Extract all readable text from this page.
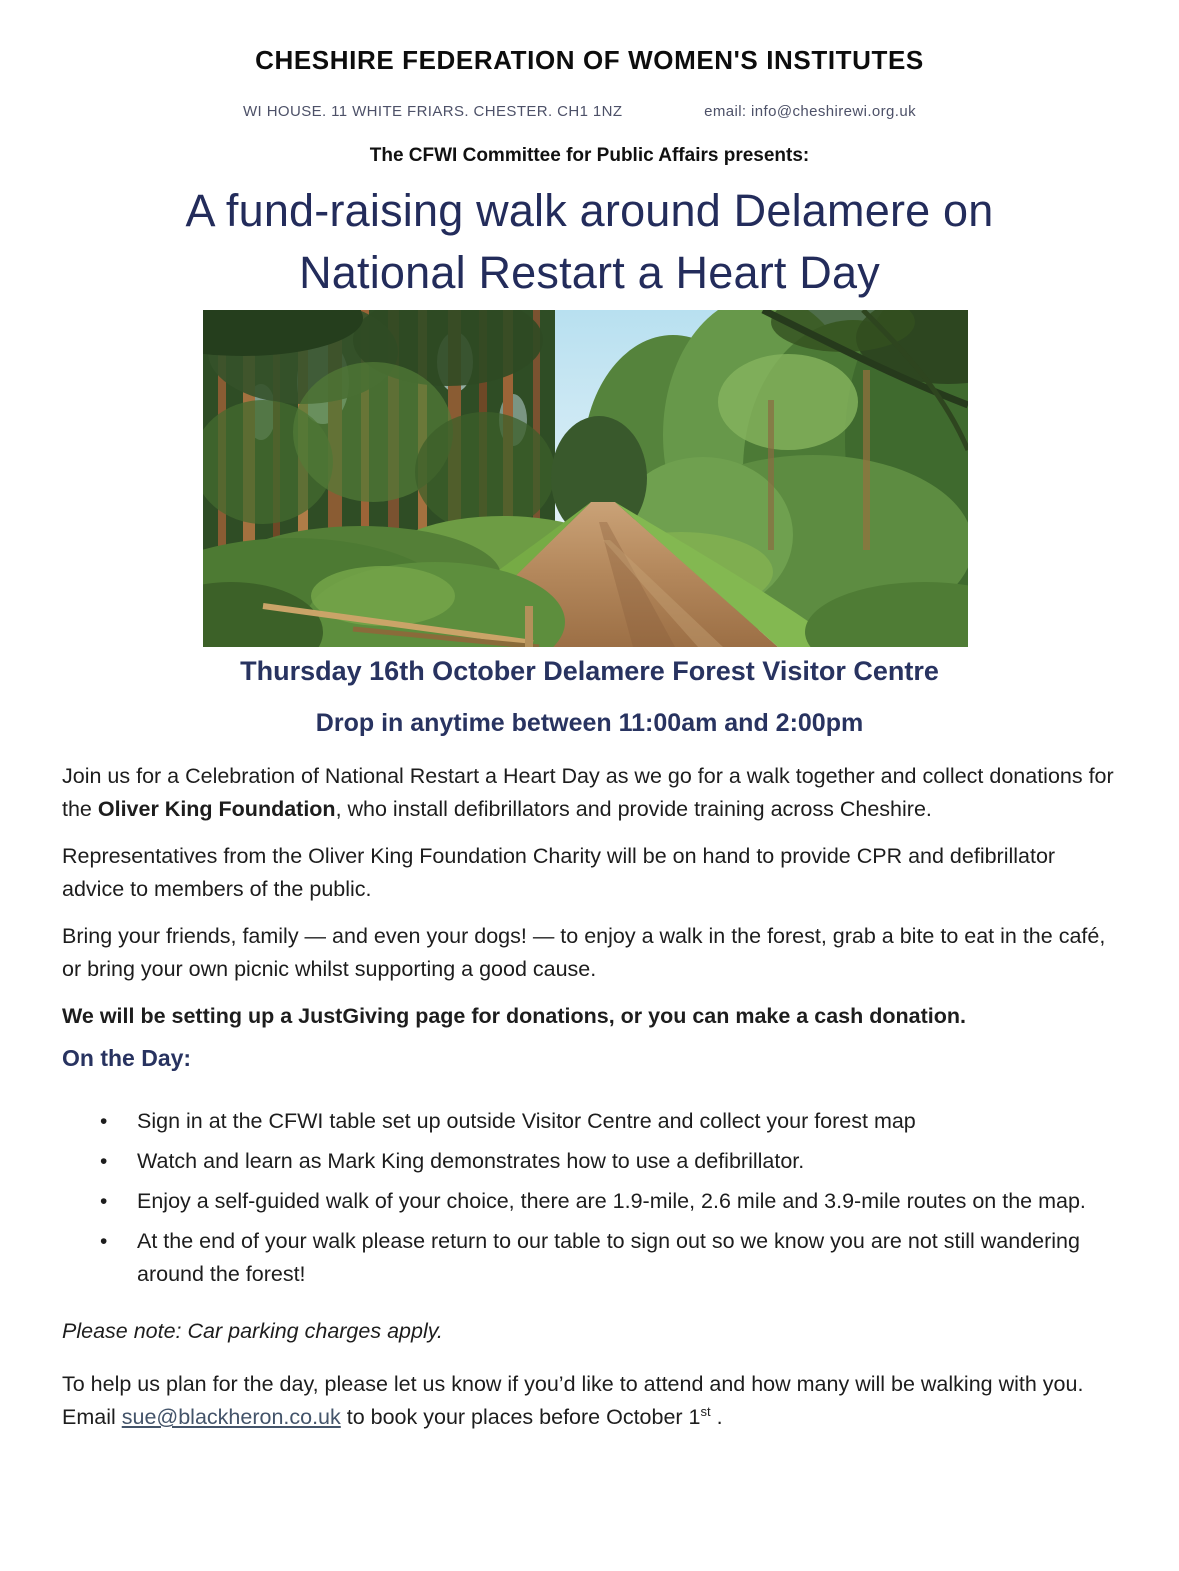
CHESHIRE FEDERATION OF WOMEN'S INSTITUTES
WI HOUSE. 11 WHITE FRIARS. CHESTER. CH1 1NZ	email: info@cheshirewi.org.uk
The CFWI Committee for Public Affairs presents:
A fund-raising walk around Delamere on
National Restart a Heart Day
Thursday 16th October Delamere Forest Visitor Centre
Drop in anytime between 11:00am and 2:00pm

Join us for a Celebration of National Restart a Heart Day as we go for a walk together and collect donations for the Oliver King Foundation, who install defibrillators and provide training across Cheshire.

Representatives from the Oliver King Foundation Charity will be on hand to provide CPR and defibrillator advice to members of the public.

Bring your friends, family — and even your dogs! — to enjoy a walk in the forest, grab a bite to eat in the café, or bring your own picnic whilst supporting a good cause.

We will be setting up a JustGiving page for donations, or you can make a cash donation.

On the Day:
•	Sign in at the CFWI table set up outside Visitor Centre and collect your forest map
•	Watch and learn as Mark King demonstrates how to use a defibrillator.
•	Enjoy a self-guided walk of your choice, there are 1.9-mile, 2.6 mile and 3.9-mile routes on the map.
•	At the end of your walk please return to our table to sign out so we know you are not still wandering around the forest!

Please note: Car parking charges apply.

To help us plan for the day, please let us know if you’d like to attend and how many will be walking with you.  Email sue@blackheron.co.uk to book your places before October 1st .
